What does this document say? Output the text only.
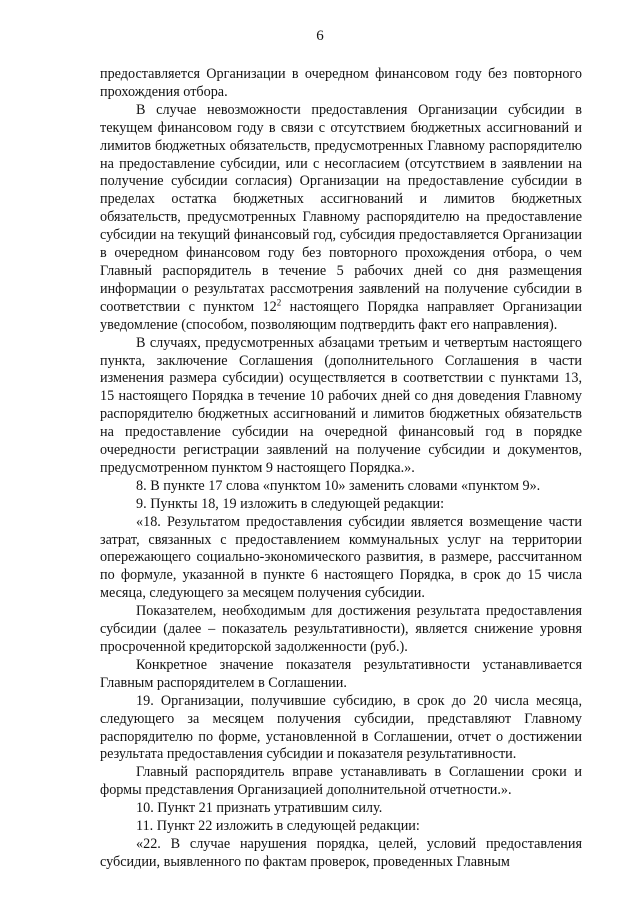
6

предоставляется Организации в очередном финансовом году без повторного прохождения отбора.

В случае невозможности предоставления Организации субсидии в текущем финансовом году в связи с отсутствием бюджетных ассигнований и лимитов бюджетных обязательств, предусмотренных Главному распорядителю на предоставление субсидии, или с несогласием (отсутствием в заявлении на получение субсидии согласия) Организации на предоставление субсидии в пределах остатка бюджетных ассигнований и лимитов бюджетных обязательств, предусмотренных Главному распорядителю на предоставление субсидии на текущий финансовый год, субсидия предоставляется Организации в очередном финансовом году без повторного прохождения отбора, о чем Главный распорядитель в течение 5 рабочих дней со дня размещения информации о результатах рассмотрения заявлений на получение субсидии в соответствии с пунктом $12^2$ настоящего Порядка направляет Организации уведомление (способом, позволяющим подтвердить факт его направления).

В случаях, предусмотренных абзацами третьим и четвертым настоящего пункта, заключение Соглашения (дополнительного Соглашения в части изменения размера субсидии) осуществляется в соответствии с пунктами 13, 15 настоящего Порядка в течение 10 рабочих дней со дня доведения Главному распорядителю бюджетных ассигнований и лимитов бюджетных обязательств на предоставление субсидии на очередной финансовый год в порядке очередности регистрации заявлений на получение субсидии и документов, предусмотренном пунктом 9 настоящего Порядка.».

8. В пункте 17 слова «пунктом 10» заменить словами «пунктом 9».

9. Пункты 18, 19 изложить в следующей редакции:

«18. Результатом предоставления субсидии является возмещение части затрат, связанных с предоставлением коммунальных услуг на территории опережающего социально-экономического развития, в размере, рассчитанном по формуле, указанной в пункте 6 настоящего Порядка, в срок до 15 числа месяца, следующего за месяцем получения субсидии.

Показателем, необходимым для достижения результата предоставления субсидии (далее – показатель результативности), является снижение уровня просроченной кредиторской задолженности (руб.).

Конкретное значение показателя результативности устанавливается Главным распорядителем в Соглашении.

19. Организации, получившие субсидию, в срок до 20 числа месяца, следующего за месяцем получения субсидии, представляют Главному распорядителю по форме, установленной в Соглашении, отчет о достижении результата предоставления субсидии и показателя результативности.

Главный распорядитель вправе устанавливать в Соглашении сроки и формы представления Организацией дополнительной отчетности.».

10. Пункт 21 признать утратившим силу.

11. Пункт 22 изложить в следующей редакции:

«22. В случае нарушения порядка, целей, условий предоставления субсидии, выявленного по фактам проверок, проведенных Главным
